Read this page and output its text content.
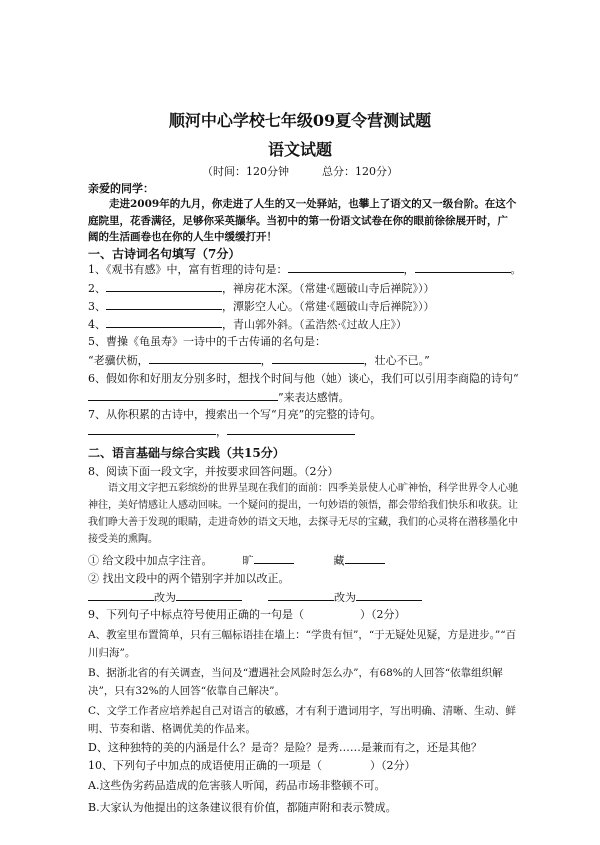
顺河中心学校七年级09夏令营测试题
语文试题
（时间：120分钟　　　总分：120分）
亲爱的同学：
走进2009年的九月，你走进了人生的又一处驿站，也攀上了语文的又一级台阶。在这个庭院里，花香满径，足够你采英撷华。当初中的第一份语文试卷在你的眼前徐徐展开时，广阔的生活画卷也在你的人生中缓缓打开！
一、古诗词名句填写（7分）
1、《观书有感》中，富有哲理的诗句是：	，	。
2、	，禅房花木深。（常建·《题破山寺后禅院》））
3、	，潭影空人心。（常建·《题破山寺后禅院》））
4、	，青山郭外斜。（孟浩然·《过故人庄》）
5、曹操《龟虽寿》一诗中的千古传诵的名句是：
“老骥伏枥，	，	，壮心不已。”
6、假如你和好朋友分别多时，想找个时间与他（她）谈心，我们可以引用李商隐的诗句“
”来表达感情。
7、从你积累的古诗中，搜索出一个写“月亮”的完整的诗句。
，
二、语言基础与综合实践（共15分）
8、阅读下面一段文字，并按要求回答问题。（2分）
语文用文字把五彩缤纷的世界呈现在我们的面前：四季美景使人心旷神怡，科学世界令人心驰神往，美好情感让人感动回味。一个疑问的提出，一句妙语的领悟，都会带给我们快乐和收获。让我们睁大善于发现的眼睛，走进奇妙的语文天地，去探寻无尽的宝藏，我们的心灵将在潜移墨化中接受美的熏陶。
① 给文段中加点字注音。	旷	藏
② 找出文段中的两个错别字并加以改正。
改为	改为
9、下列句子中标点符号使用正确的一句是（	）（2分）
A、教室里布置简单，只有三幅标语挂在墙上：“学贵有恒”，“于无疑处见疑，方是进步。”“百川归海”。
B、据浙北省的有关调查，当问及“遭遇社会风险时怎么办”，有68%的人回答“依靠组织解决”，只有32%的人回答“依靠自己解决”。
C、文学工作者应培养起自己对语言的敏感，才有利于遣词用字，写出明确、清晰、生动、鲜明、节奏和谐、格调优美的作品来。
D、这种独特的美的内涵是什么？是奇？是险？是秀……是兼而有之，还是其他？
10、下列句子中加点的成语使用正确的一项是（	）（2分）
A.这些伪劣药品造成的危害骇人听闻，药品市场非整顿不可。
B.大家认为他提出的这条建议很有价值，都随声附和表示赞成。
